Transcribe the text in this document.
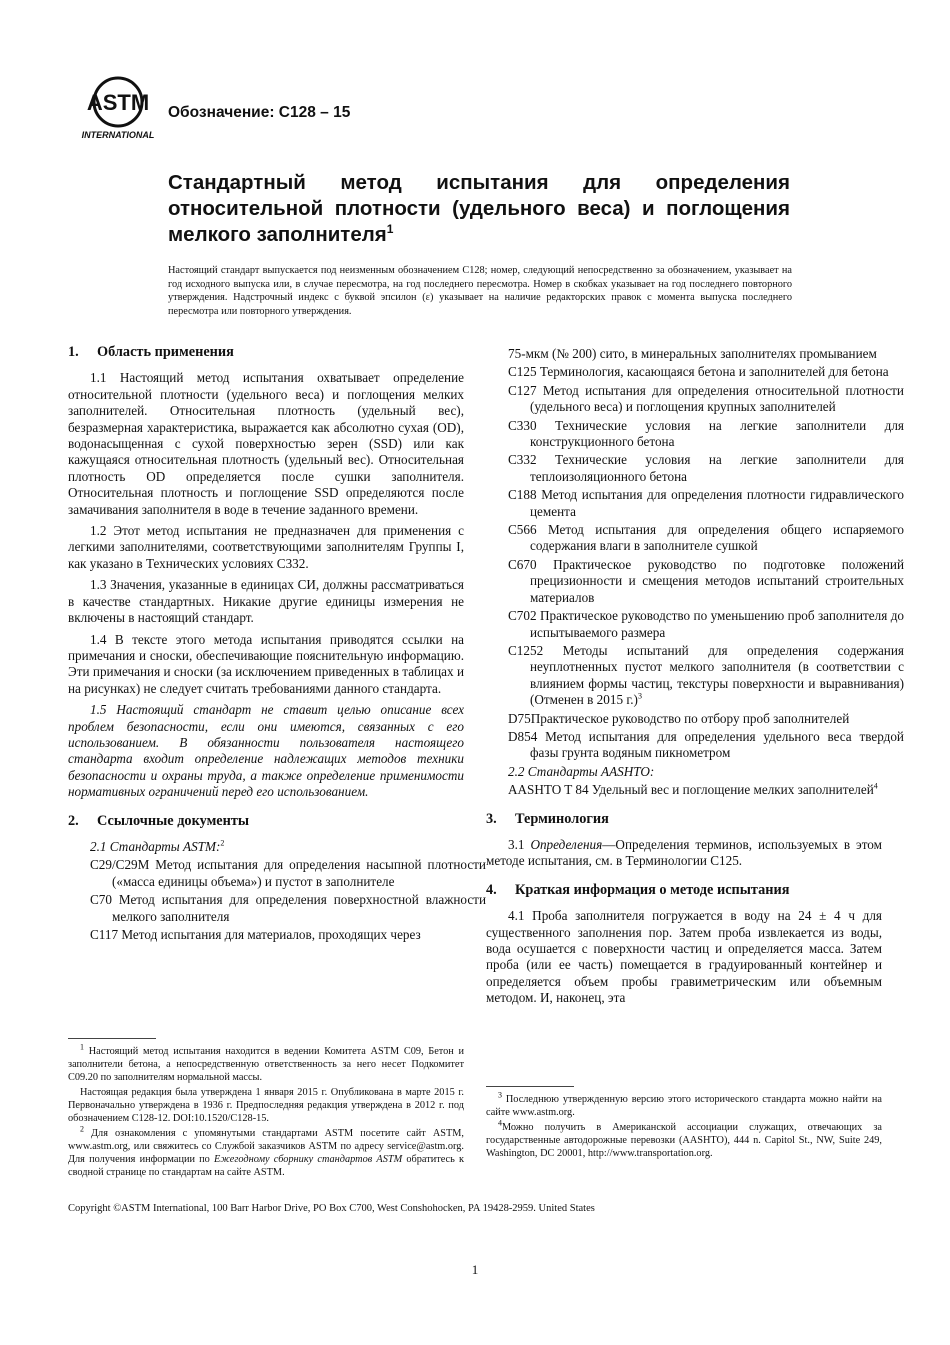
ASTM
INTERNATIONAL
Обозначение: C128 – 15
Стандартный метод испытания для определения относительной плотности (удельного веса) и поглощения мелкого заполнителя$^1$
Настоящий стандарт выпускается под неизменным обозначением C128; номер, следующий непосредственно за обозначением, указывает на год исходного выпуска или, в случае пересмотра, на год последнего пересмотра. Номер в скобках указывает на год последнего повторного утверждения. Надстрочный индекс с буквой эпсилон (ε) указывает на наличие редакторских правок с момента выпуска последнего пересмотра или повторного утверждения.
1. Область применения

1.1 Настоящий метод испытания охватывает определение относительной плотности (удельного веса) и поглощения мелких заполнителей. Относительная плотность (удельный вес), безразмерная характеристика, выражается как абсолютно сухая (OD), водонасыщенная с сухой поверхностью зерен (SSD) или как кажущаяся относительная плотность (удельный вес). Относительная плотность OD определяется после сушки заполнителя. Относительная плотность и поглощение SSD определяются после замачивания заполнителя в воде в течение заданного времени.

1.2 Этот метод испытания не предназначен для применения с легкими заполнителями, соответствующими заполнителям Группы I, как указано в Технических условиях C332.

1.3 Значения, указанные в единицах СИ, должны рассматриваться в качестве стандартных. Никакие другие единицы измерения не включены в настоящий стандарт.

1.4 В тексте этого метода испытания приводятся ссылки на примечания и сноски, обеспечивающие пояснительную информацию. Эти примечания и сноски (за исключением приведенных в таблицах и на рисунках) не следует считать требованиями данного стандарта.

1.5 Настоящий стандарт не ставит целью описание всех проблем безопасности, если они имеются, связанных с его использованием. В обязанности пользователя настоящего стандарта входит определение надлежащих методов техники безопасности и охраны труда, а также определение применимости нормативных ограничений перед его использованием.

2. Ссылочные документы
2.1 Стандарты ASTM:$^2$
C29/C29M Метод испытания для определения насыпной плотности («масса единицы объема») и пустот в заполнителе
C70 Метод испытания для определения поверхностной влажности мелкого заполнителя
C117 Метод испытания для материалов, проходящих через
75-мкм (№ 200) сито, в минеральных заполнителях промыванием
C125 Терминология, касающаяся бетона и заполнителей для бетона
C127 Метод испытания для определения относительной плотности (удельного веса) и поглощения крупных заполнителей
C330 Технические условия на легкие заполнители для конструкционного бетона
C332 Технические условия на легкие заполнители для теплоизоляционного бетона
C188 Метод испытания для определения плотности гидравлического цемента
C566 Метод испытания для определения общего испаряемого содержания влаги в заполнителе сушкой
C670 Практическое руководство по подготовке положений прецизионности и смещения методов испытаний строительных материалов
C702 Практическое руководство по уменьшению проб заполнителя до испытываемого размера
C1252 Методы испытаний для определения содержания неуплотненных пустот мелкого заполнителя (в соответствии с влиянием формы частиц, текстуры поверхности и выравнивания) (Отменен в 2015 г.)$^3$
D75Практическое руководство по отбору проб заполнителей
D854 Метод испытания для определения удельного веса твердой фазы грунта водяным пикнометром
2.2 Стандарты AASHTO:
AASHTO T 84 Удельный вес и поглощение мелких заполнителей$^4$
3. Терминология

3.1 Определения—Определения терминов, используемых в этом методе испытания, см. в Терминологии C125.

4. Краткая информация о методе испытания

4.1 Проба заполнителя погружается в воду на 24 ± 4 ч для существенного заполнения пор. Затем проба извлекается из воды, вода осушается с поверхности частиц и определяется масса. Затем проба (или ее часть) помещается в градуированный контейнер и определяется объем пробы гравиметрическим или объемным методом. И, наконец, эта

$^1$ Настоящий метод испытания находится в ведении Комитета ASTM C09, Бетон и заполнители бетона, а непосредственную ответственность за него несет Подкомитет C09.20 по заполнителям нормальной массы.
Настоящая редакция была утверждена 1 января 2015 г. Опубликована в марте 2015 г. Первоначально утверждена в 1936 г. Предпоследняя редакция утверждена в 2012 г. под обозначением C128-12. DOI:10.1520/C128-15.
$^2$ Для ознакомления с упомянутыми стандартами ASTM посетите сайт ASTM, www.astm.org, или свяжитесь со Службой заказчиков ASTM по адресу service@astm.org. Для получения информации по Ежегодному сборнику стандартов ASTM обратитесь к сводной странице по стандартам на сайте ASTM.
$^3$ Последнюю утвержденную версию этого исторического стандарта можно найти на сайте www.astm.org.
$^4$Можно получить в Американской ассоциации служащих, отвечающих за государственные автодорожные перевозки (AASHTO), 444 n. Capitol St., NW, Suite 249, Washington, DC 20001, http://www.transportation.org.
Copyright ©ASTM International, 100 Barr Harbor Drive, PO Box C700, West Conshohocken, PA 19428-2959. United States
1
